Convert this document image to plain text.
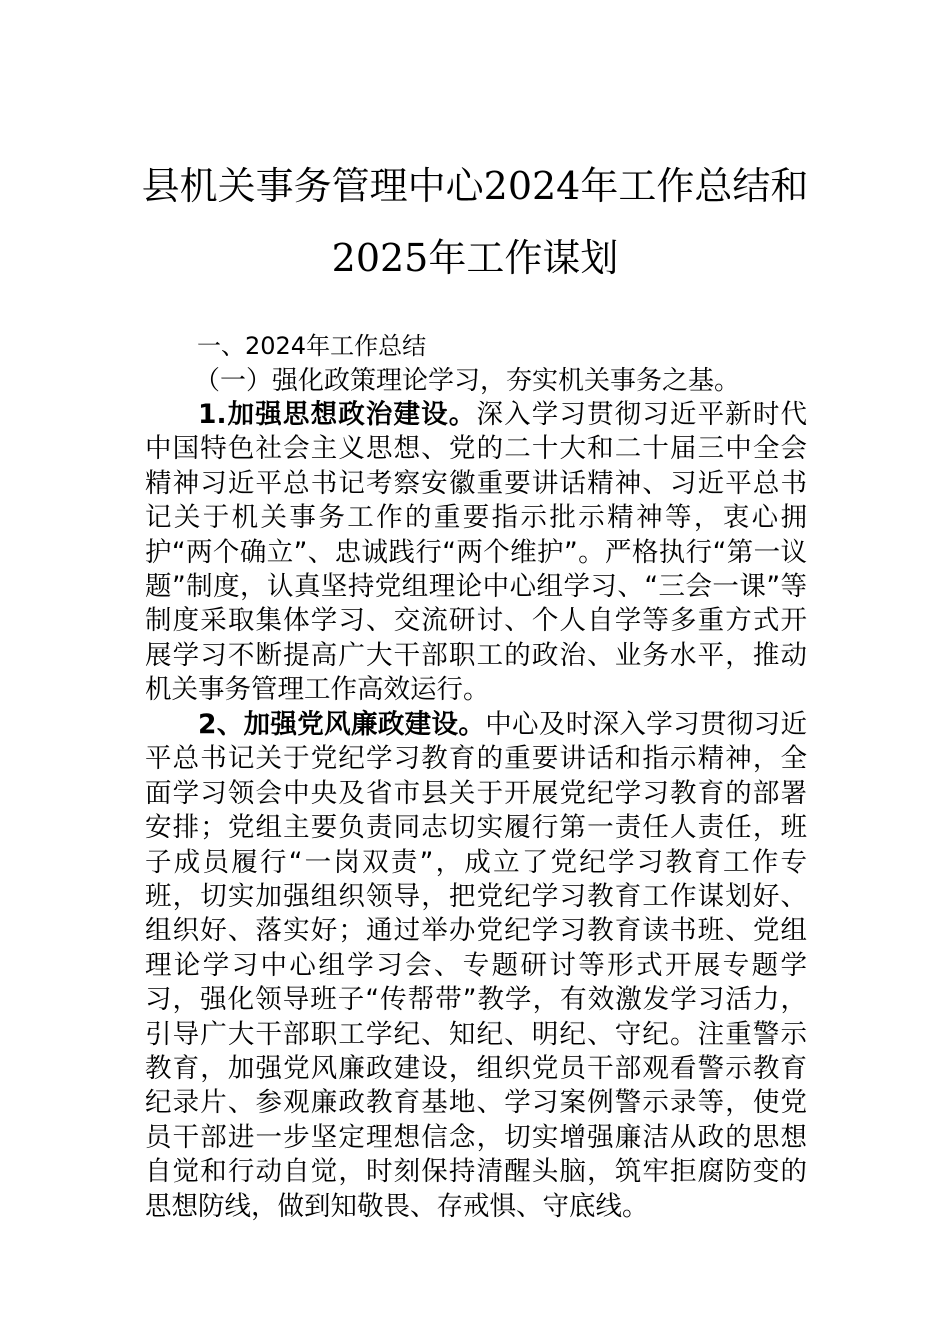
县机关事务管理中心2024年工作总结和
2025年工作谋划
一、2024年工作总结
（一）强化政策理论学习，夯实机关事务之基。

1.加强思想政治建设。深入学习贯彻习近平新时代中国特色社会主义思想、党的二十大和二十届三中全会精神习近平总书记考察安徽重要讲话精神、习近平总书记关于机关事务工作的重要指示批示精神等，衷心拥护“两个确立”、忠诚践行“两个维护”。严格执行“第一议题”制度，认真坚持党组理论中心组学习、“三会一课”等制度采取集体学习、交流研讨、个人自学等多重方式开展学习不断提高广大干部职工的政治、业务水平，推动机关事务管理工作高效运行。

2、加强党风廉政建设。中心及时深入学习贯彻习近平总书记关于党纪学习教育的重要讲话和指示精神，全面学习领会中央及省市县关于开展党纪学习教育的部署安排；党组主要负责同志切实履行第一责任人责任，班子成员履行“一岗双责”，成立了党纪学习教育工作专班，切实加强组织领导，把党纪学习教育工作谋划好、组织好、落实好；通过举办党纪学习教育读书班、党组理论学习中心组学习会、专题研讨等形式开展专题学习，强化领导班子“传帮带”教学，有效激发学习活力，引导广大干部职工学纪、知纪、明纪、守纪。注重警示教育，加强党风廉政建设，组织党员干部观看警示教育纪录片、参观廉政教育基地、学习案例警示录等，使党员干部进一步坚定理想信念，切实增强廉洁从政的思想自觉和行动自觉，时刻保持清醒头脑，筑牢拒腐防变的思想防线，做到知敬畏、存戒惧、守底线。
